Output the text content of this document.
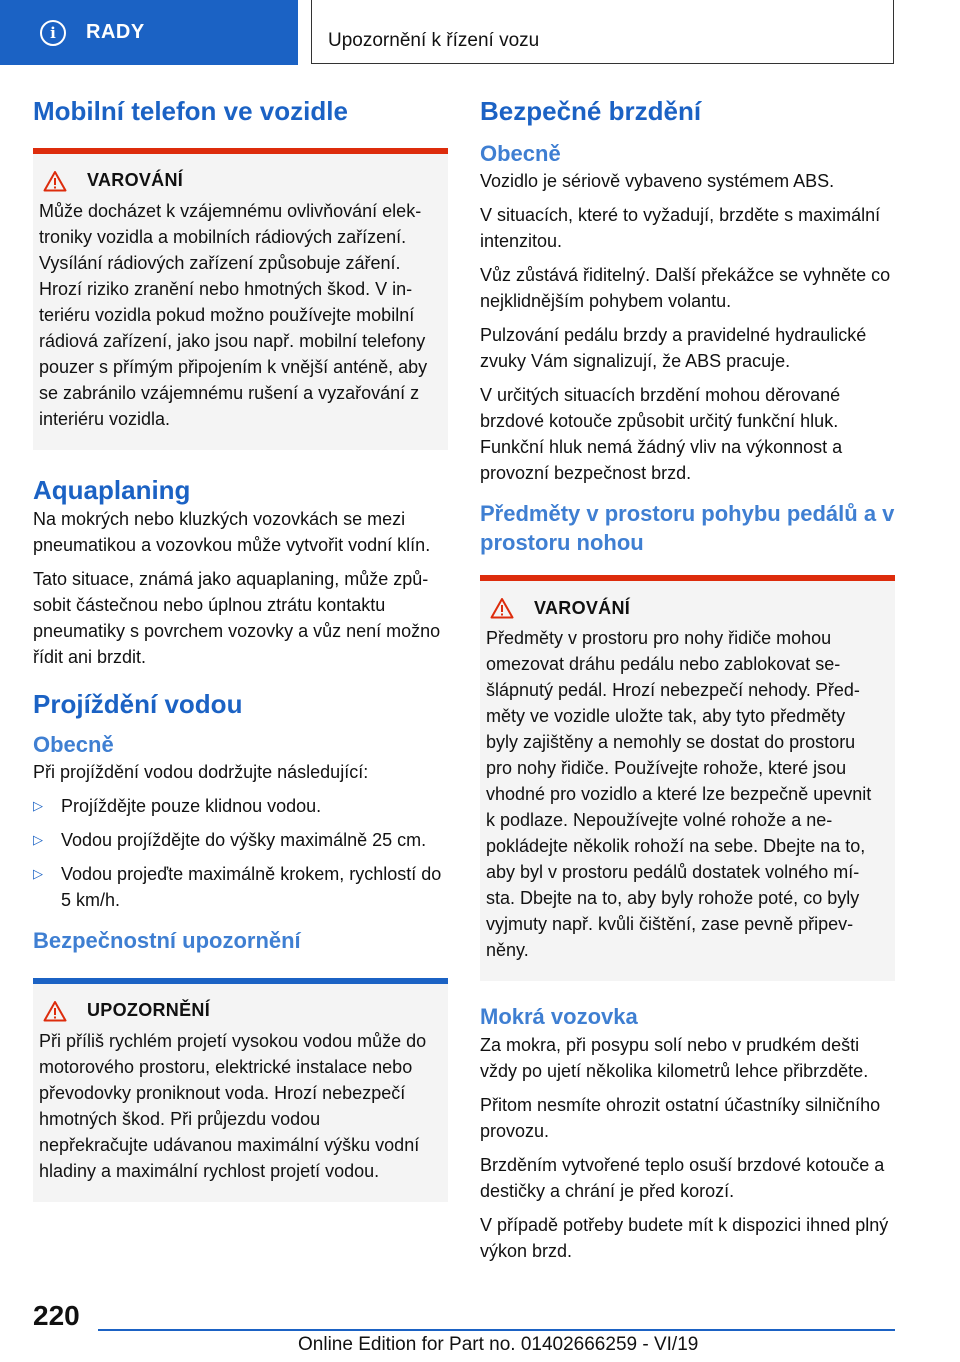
i	RADY	Upozornění k řízení vozu
Mobilní telefon ve vozidle
VAROVÁNÍ

Může docházet k vzájemnému ovlivňování elektroniky vozidla a mobilních rádiových zařízení. Vysílání rádiových zařízení způsobuje záření. Hrozí riziko zranění nebo hmotných škod. V interiéru vozidla pokud možno používejte mobilní rádiová zařízení, jako jsou např. mobilní telefony pouzer s přímým připojením k vnější anténě, aby se zabránilo vzájemnému rušení a vyzařování z interiéru vozidla.

Aquaplaning

Na mokrých nebo kluzkých vozovkách se mezi pneumatikou a vozovkou může vytvořit vodní klín.

Tato situace, známá jako aquaplaning, může způsobit částečnou nebo úplnou ztrátu kontaktu pneumatiky s povrchem vozovky a vůz není možno řídit ani brzdit.

Projíždění vodou
Obecně

Při projíždění vodou dodržujte následující:

▷ Projíždějte pouze klidnou vodou.
▷ Vodou projíždějte do výšky maximálně 25 cm.
▷ Vodou projeďte maximálně krokem, rychlostí do 5 km/h.
Bezpečnostní upozornění
UPOZORNĚNÍ

Při příliš rychlém projetí vysokou vodou může do motorového prostoru, elektrické instalace nebo převodovky proniknout voda. Hrozí nebezpečí hmotných škod. Při průjezdu vodou nepřekračujte udávanou maximální výšku vodní hladiny a maximální rychlost projetí vodou.

Bezpečné brzdění
Obecně

Vozidlo je sériově vybaveno systémem ABS.

V situacích, které to vyžadují, brzděte s maximální intenzitou.

Vůz zůstává řiditelný. Další překážce se vyhněte co nejklidnějším pohybem volantu.

Pulzování pedálu brzdy a pravidelné hydraulické zvuky Vám signalizují, že ABS pracuje.

V určitých situacích brzdění mohou děrované brzdové kotouče způsobit určitý funkční hluk. Funkční hluk nemá žádný vliv na výkonnost a provozní bezpečnost brzd.

Předměty v prostoru pohybu pedálů a v prostoru nohou
VAROVÁNÍ

Předměty v prostoru pro nohy řidiče mohou omezovat dráhu pedálu nebo zablokovat sešlápnutý pedál. Hrozí nebezpečí nehody. Předměty ve vozidle uložte tak, aby tyto předměty byly zajištěny a nemohly se dostat do prostoru pro nohy řidiče. Používejte rohože, které jsou vhodné pro vozidlo a které lze bezpečně upevnit k podlaze. Nepoužívejte volné rohože a nepokládejte několik rohoží na sebe. Dbejte na to, aby byl v prostoru pedálů dostatek volného místa. Dbejte na to, aby byly rohože poté, co byly vyjmuty např. kvůli čištění, zase pevně připevněny.

Mokrá vozovka

Za mokra, při posypu solí nebo v prudkém dešti vždy po ujetí několika kilometrů lehce přibrzděte.

Přitom nesmíte ohrozit ostatní účastníky silničního provozu.

Brzděním vytvořené teplo osuší brzdové kotouče a destičky a chrání je před korozí.

V případě potřeby budete mít k dispozici ihned plný výkon brzd.

220
Online Edition for Part no. 01402666259 - VI/19
